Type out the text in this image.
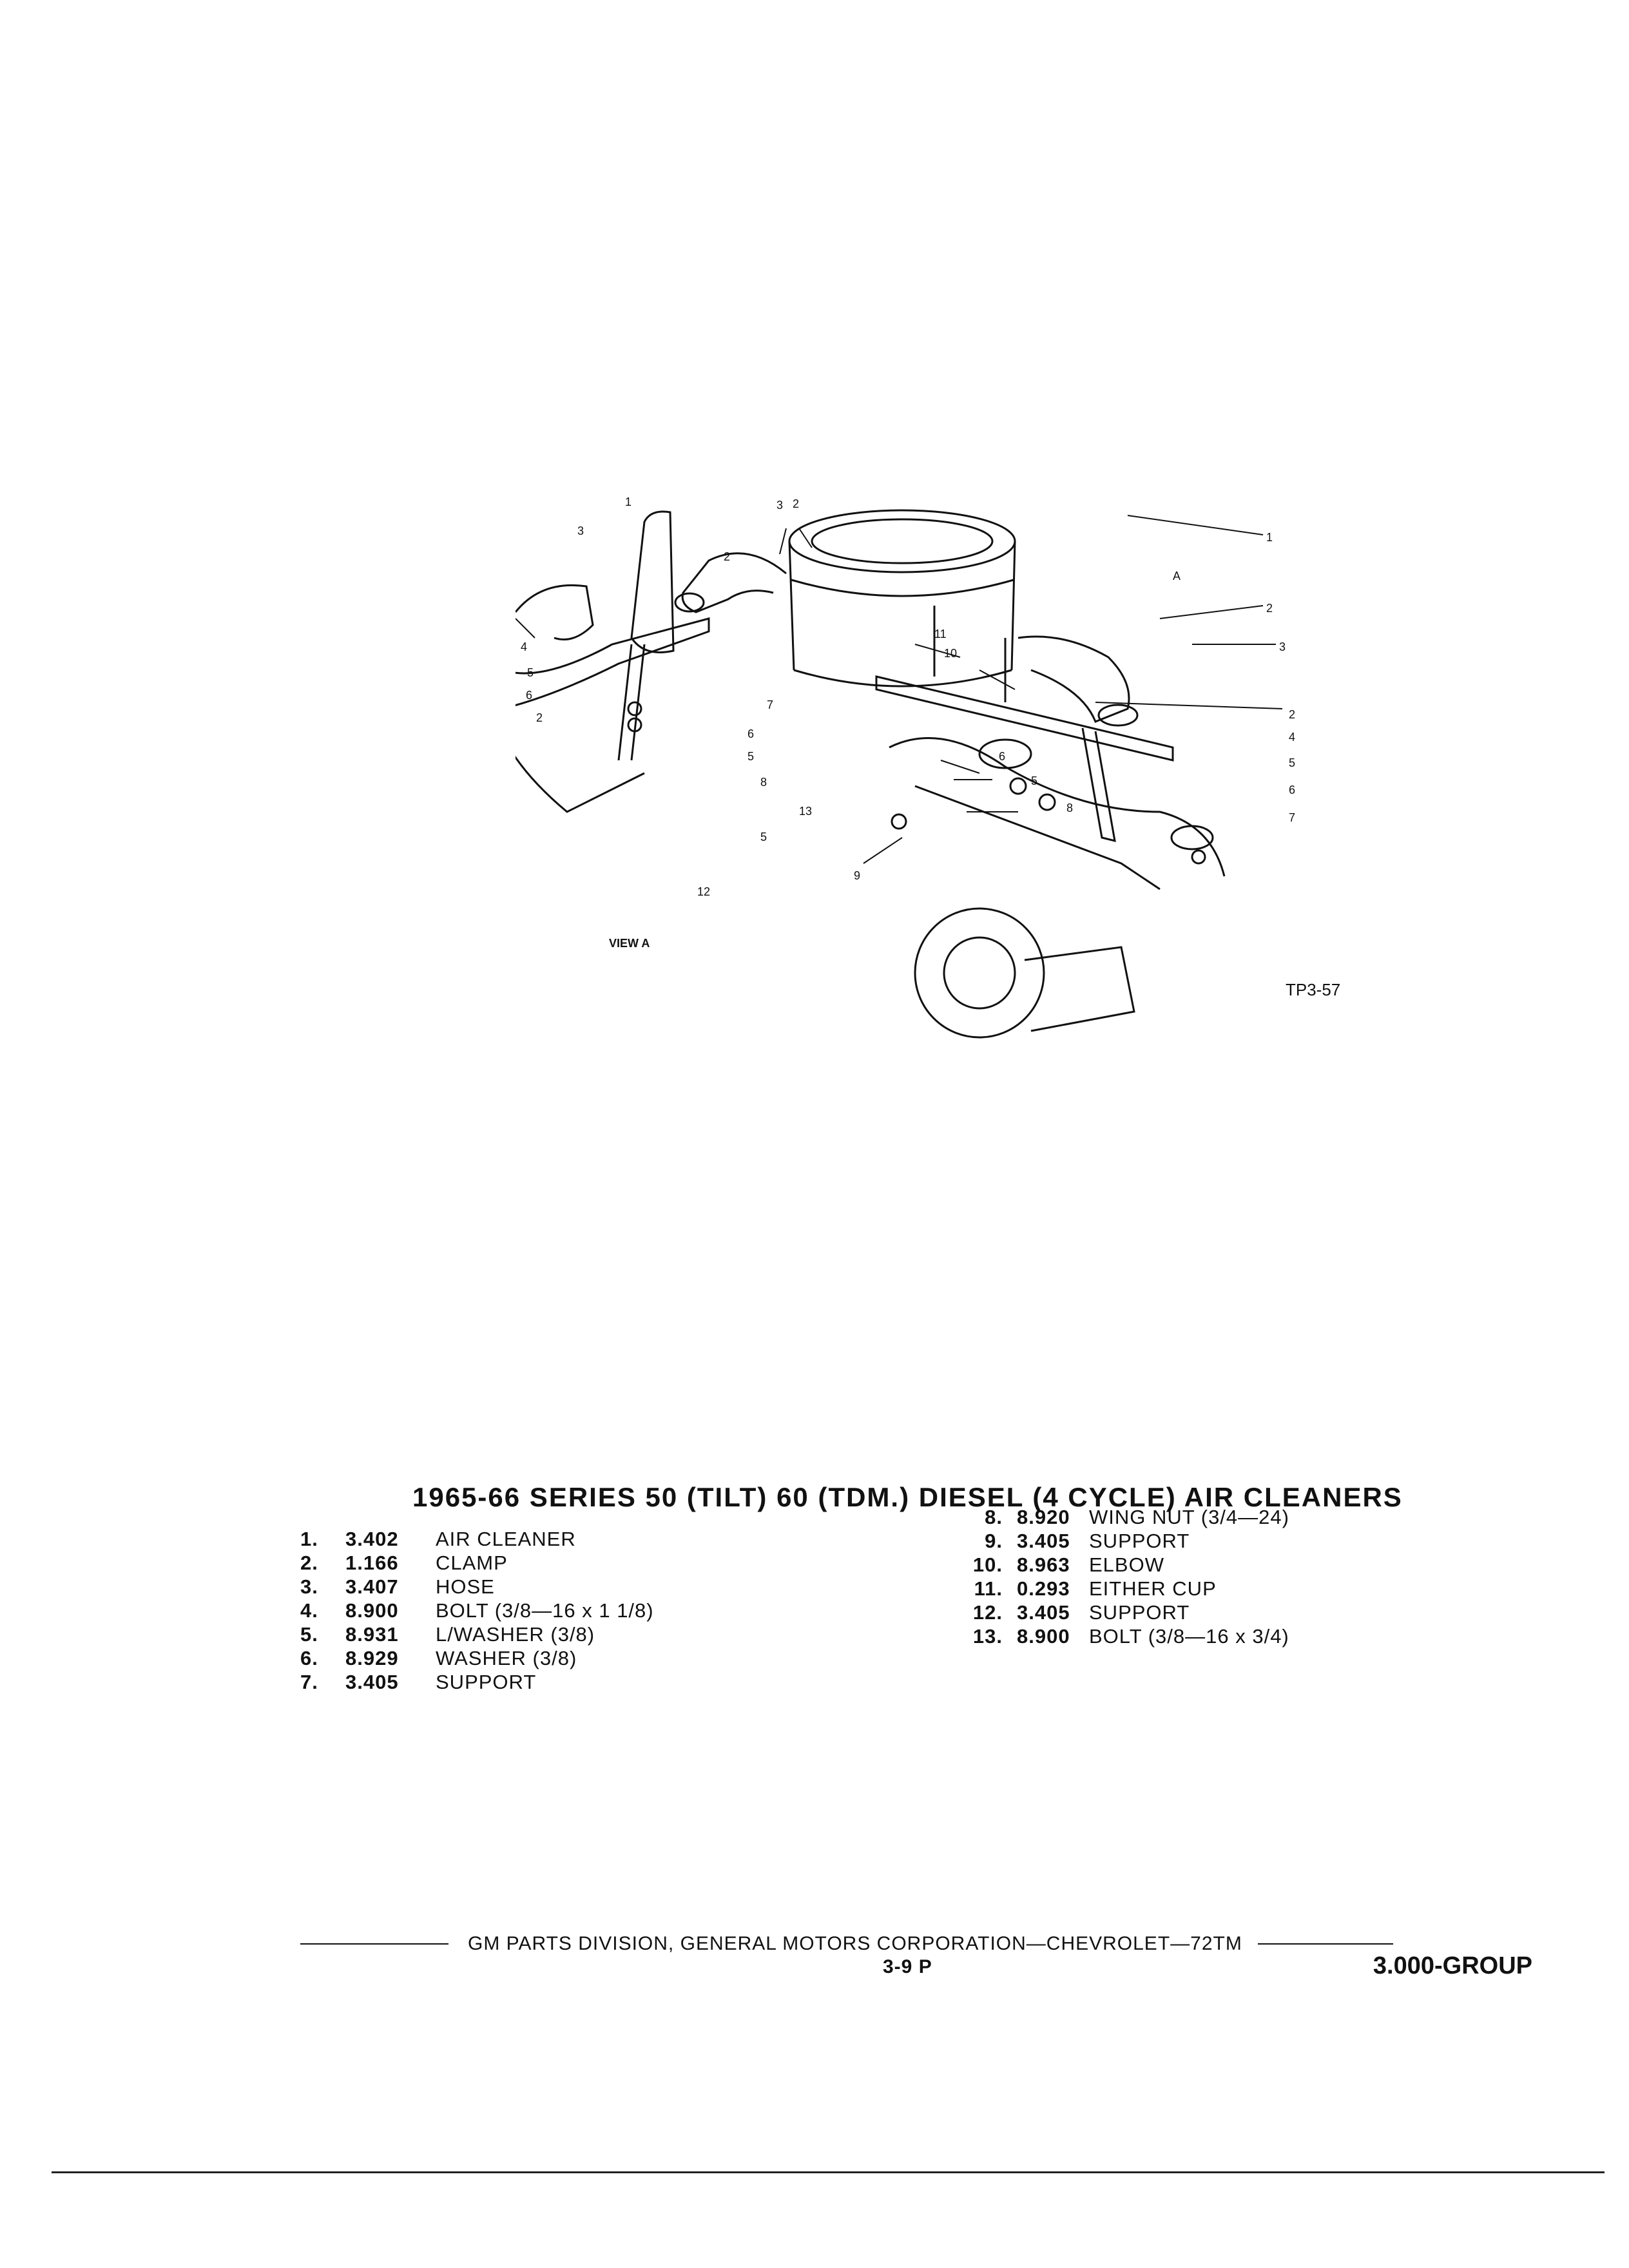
4
5
6
2
1
3
3 2
2
1
2
3
2
4
5
6
7
11
10
6
5
8
9
7
6
5
8
13
5
12
VIEW A
TP3-57
A
1965-66 SERIES 50 (TILT) 60 (TDM.) DIESEL (4 CYCLE) AIR CLEANERS
1.	3.402	AIR CLEANER
2.	1.166	CLAMP
3.	3.407	HOSE
4.	8.900	BOLT (3/8—16 x 1 1/8)
5.	8.931	L/WASHER (3/8)
6.	8.929	WASHER (3/8)
7.	3.405	SUPPORT
8. 8.920 WING NUT (3/4—24)
9. 3.405 SUPPORT
10. 8.963 ELBOW
11. 0.293 EITHER CUP
12. 3.405 SUPPORT
13. 8.900 BOLT (3/8—16 x 3/4)
GM PARTS DIVISION, GENERAL MOTORS CORPORATION—CHEVROLET—72TM
3-9 P	3.000-GROUP
